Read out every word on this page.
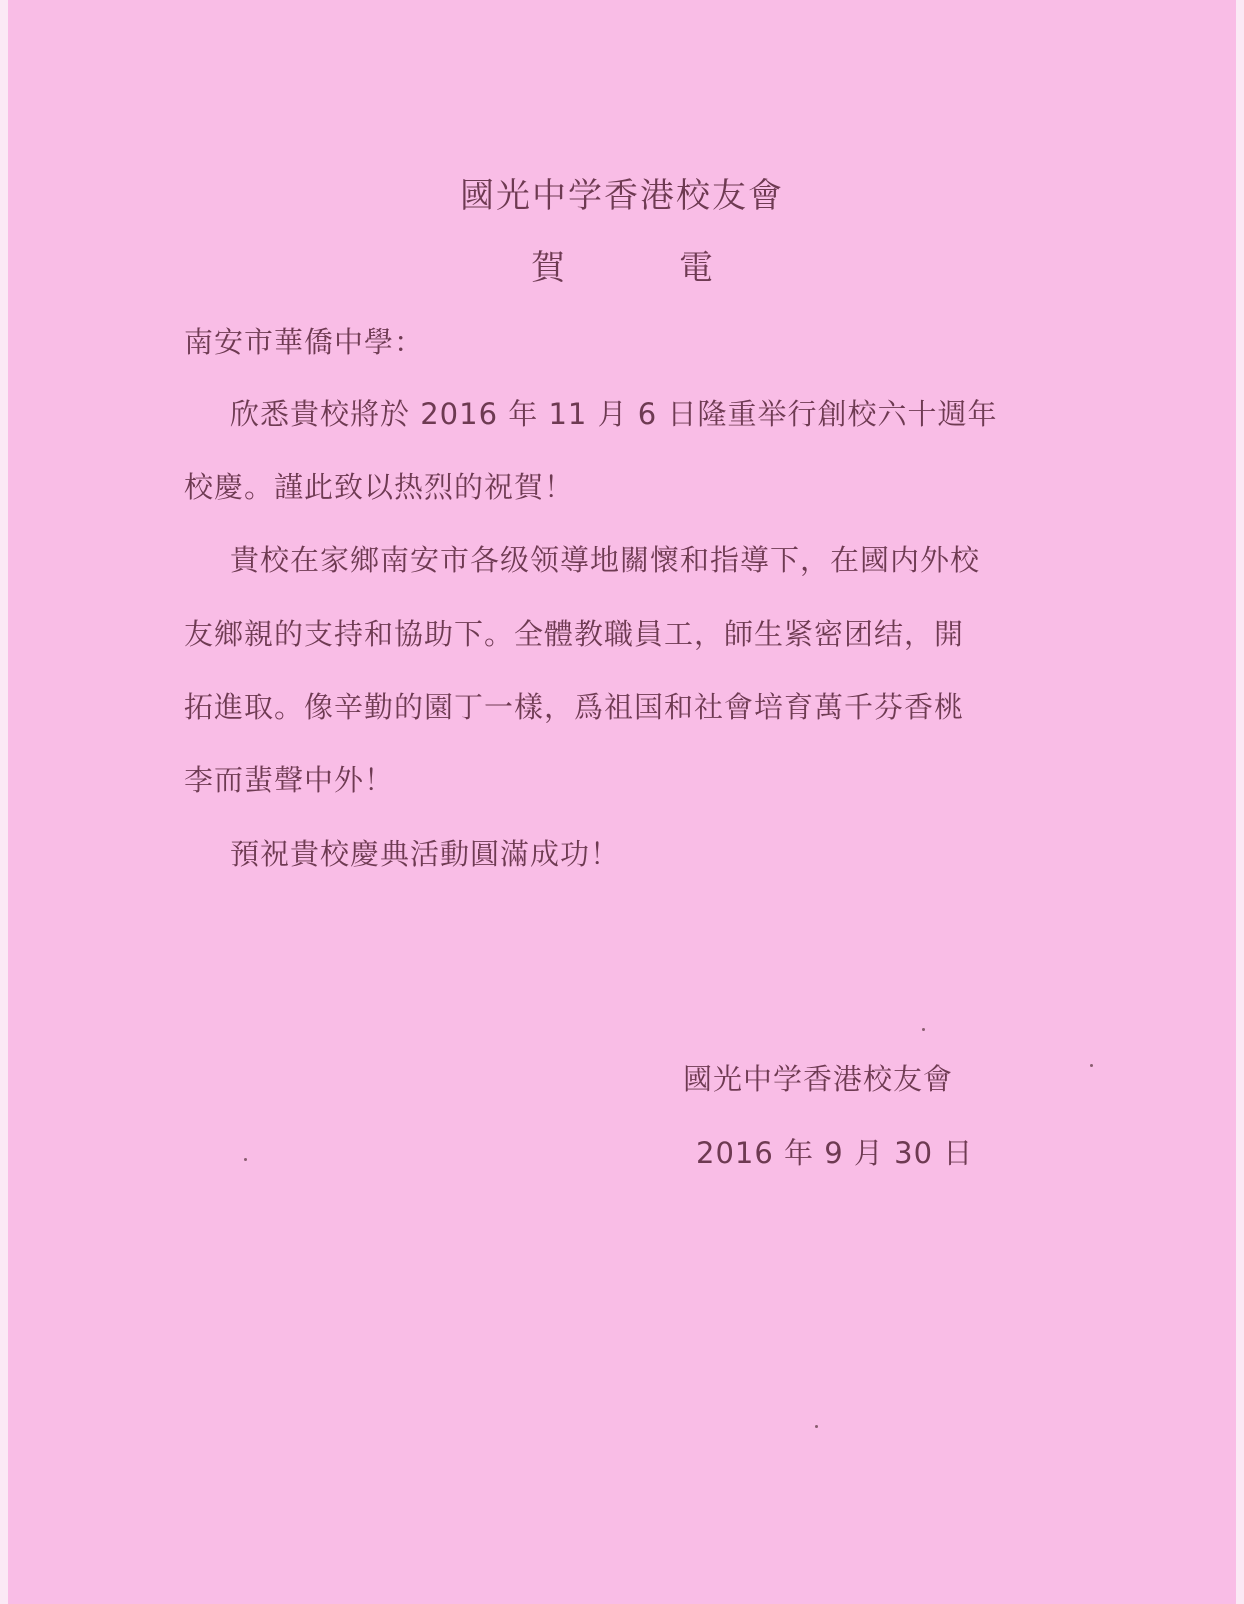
國光中学香港校友會
賀　電
南安市華僑中學：
欣悉貴校將於 2016 年 11 月 6 日隆重举行創校六十週年
校慶。謹此致以热烈的祝賀！
貴校在家鄉南安市各级领導地關懷和指導下，在國内外校
友鄉親的支持和協助下。全體教職員工，師生紧密团结，開
拓進取。像辛勤的園丁一樣，爲祖国和社會培育萬千芬香桃
李而蜚聲中外！
預祝貴校慶典活動圓滿成功！
國光中学香港校友會
2016 年 9 月 30 日
